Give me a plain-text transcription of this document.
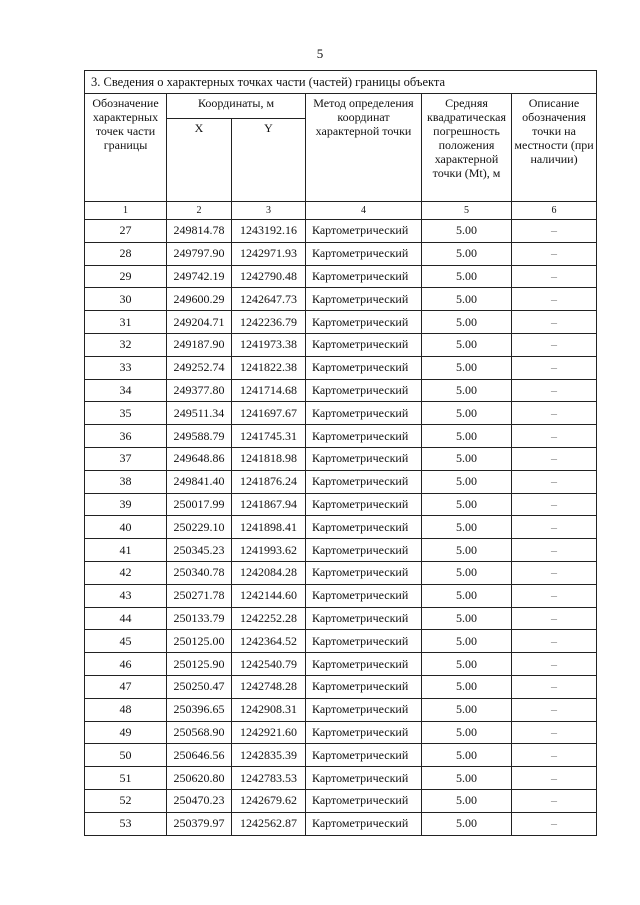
5
3. Сведения о характерных точках части (частей) границы объекта					
Обозначение характерных точек части границы	Координаты, м		Метод определения координат характерной точки	Средняя квадратическая погрешность положения характерной точки (Mt), м	Описание обозначения точки на местности (при наличии)
	X	Y			
1	2	3	4	5	6
27	249814.78	1243192.16	Картометрический	5.00	–
28	249797.90	1242971.93	Картометрический	5.00	–
29	249742.19	1242790.48	Картометрический	5.00	–
30	249600.29	1242647.73	Картометрический	5.00	–
31	249204.71	1242236.79	Картометрический	5.00	–
32	249187.90	1241973.38	Картометрический	5.00	–
33	249252.74	1241822.38	Картометрический	5.00	–
34	249377.80	1241714.68	Картометрический	5.00	–
35	249511.34	1241697.67	Картометрический	5.00	–
36	249588.79	1241745.31	Картометрический	5.00	–
37	249648.86	1241818.98	Картометрический	5.00	–
38	249841.40	1241876.24	Картометрический	5.00	–
39	250017.99	1241867.94	Картометрический	5.00	–
40	250229.10	1241898.41	Картометрический	5.00	–
41	250345.23	1241993.62	Картометрический	5.00	–
42	250340.78	1242084.28	Картометрический	5.00	–
43	250271.78	1242144.60	Картометрический	5.00	–
44	250133.79	1242252.28	Картометрический	5.00	–
45	250125.00	1242364.52	Картометрический	5.00	–
46	250125.90	1242540.79	Картометрический	5.00	–
47	250250.47	1242748.28	Картометрический	5.00	–
48	250396.65	1242908.31	Картометрический	5.00	–
49	250568.90	1242921.60	Картометрический	5.00	–
50	250646.56	1242835.39	Картометрический	5.00	–
51	250620.80	1242783.53	Картометрический	5.00	–
52	250470.23	1242679.62	Картометрический	5.00	–
53	250379.97	1242562.87	Картометрический	5.00	–
